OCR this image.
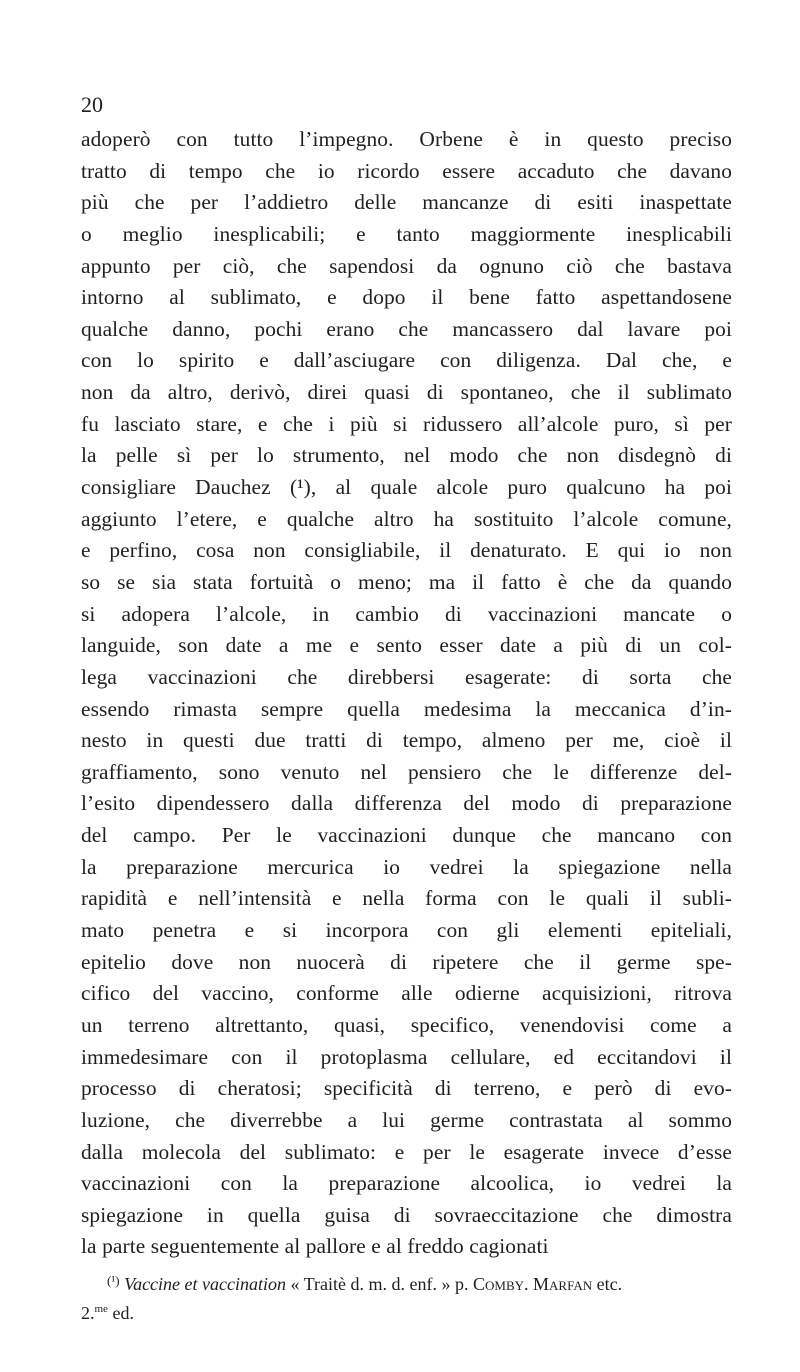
20
adoperò con tutto l’impegno. Orbene è in questo preciso
tratto di tempo che io ricordo essere accaduto che davano
più che per l’addietro delle mancanze di esiti inaspettate
o meglio inesplicabili; e tanto maggiormente inesplicabili
appunto per ciò, che sapendosi da ognuno ciò che bastava
intorno al sublimato, e dopo il bene fatto aspettandosene
qualche danno, pochi erano che mancassero dal lavare poi
con lo spirito e dall’asciugare con diligenza. Dal che, e
non da altro, derivò, direi quasi di spontaneo, che il sublimato
fu lasciato stare, e che i più si ridussero all’alcole puro, sì per
la pelle sì per lo strumento, nel modo che non disdegnò di
consigliare Dauchez (¹), al quale alcole puro qualcuno ha poi
aggiunto l’etere, e qualche altro ha sostituito l’alcole comune,
e perfino, cosa non consigliabile, il denaturato. E qui io non
so se sia stata fortuità o meno; ma il fatto è che da quando
si adopera l’alcole, in cambio di vaccinazioni mancate o
languide, son date a me e sento esser date a più di un col-
lega vaccinazioni che direbbersi esagerate: di sorta che
essendo rimasta sempre quella medesima la meccanica d’in-
nesto in questi due tratti di tempo, almeno per me, cioè il
graffiamento, sono venuto nel pensiero che le differenze del-
l’esito dipendessero dalla differenza del modo di preparazione
del campo. Per le vaccinazioni dunque che mancano con
la preparazione mercurica io vedrei la spiegazione nella
rapidità e nell’intensità e nella forma con le quali il subli-
mato penetra e si incorpora con gli elementi epiteliali,
epitelio dove non nuocerà di ripetere che il germe spe-
cifico del vaccino, conforme alle odierne acquisizioni, ritrova
un terreno altrettanto, quasi, specifico, venendovisi come a
immedesimare con il protoplasma cellulare, ed eccitandovi il
processo di cheratosi; specificità di terreno, e però di evo-
luzione, che diverrebbe a lui germe contrastata al sommo
dalla molecola del sublimato: e per le esagerate invece d’esse
vaccinazioni con la preparazione alcoolica, io vedrei la
spiegazione in quella guisa di sovraeccitazione che dimostra
la parte seguentemente al pallore e al freddo cagionati
$^{(^1)}$ Vaccine et vaccination « Traitè d. m. d. enf. » p. Comby. Marfan etc.
2.$^{me}$ ed.
